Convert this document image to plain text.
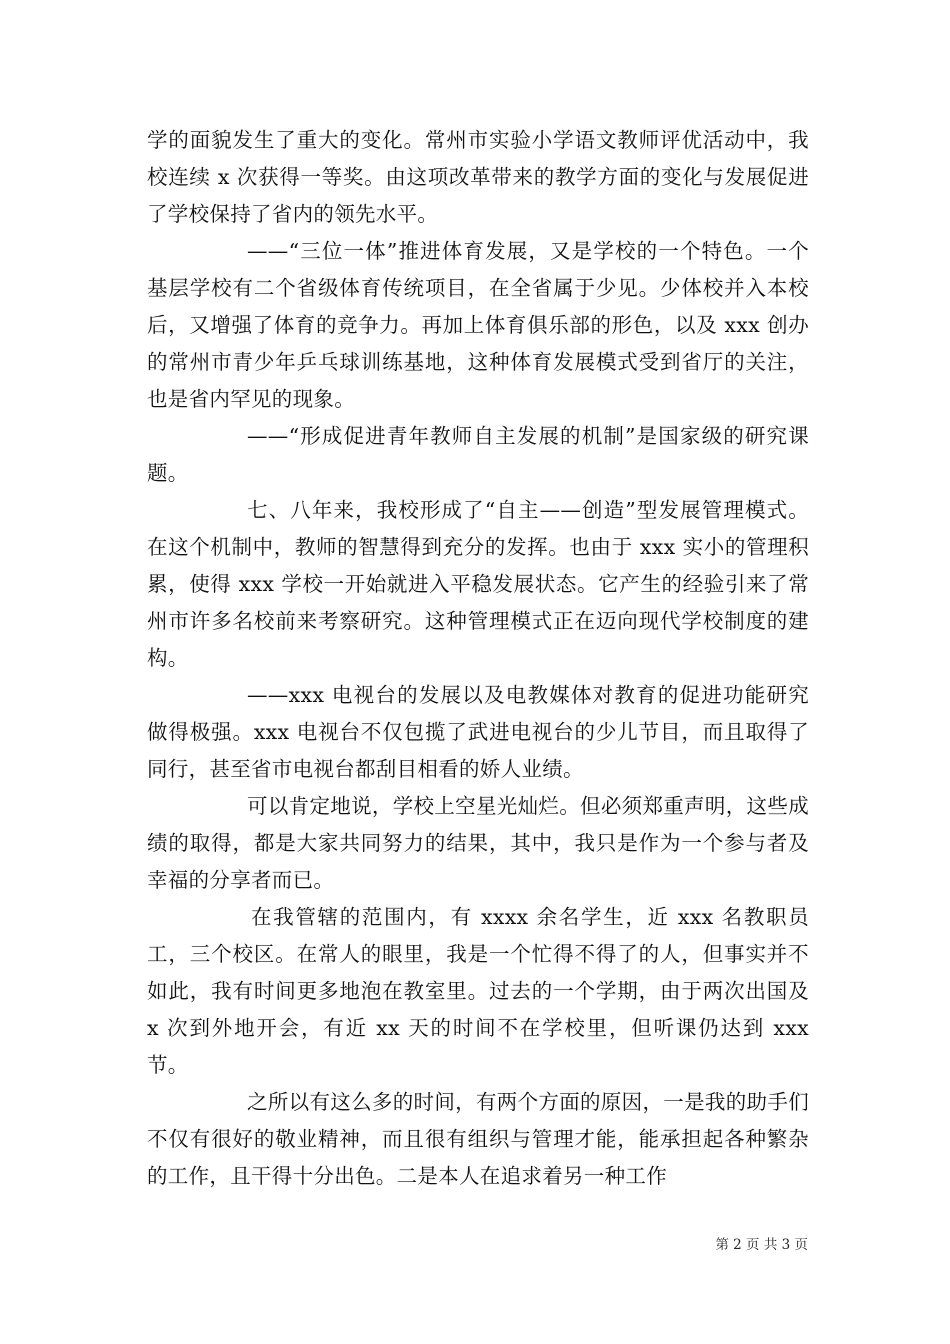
学的面貌发生了重大的变化。常州市实验小学语文教师评优活动中，我校连续 x 次获得一等奖。由这项改革带来的教学方面的变化与发展促进了学校保持了省内的领先水平。

——“三位一体”推进体育发展，又是学校的一个特色。一个基层学校有二个省级体育传统项目，在全省属于少见。少体校并入本校后，又增强了体育的竞争力。再加上体育俱乐部的形色，以及 xxx 创办的常州市青少年乒乓球训练基地，这种体育发展模式受到省厅的关注，也是省内罕见的现象。

——“形成促进青年教师自主发展的机制”是国家级的研究课题。

七、八年来，我校形成了“自主——创造”型发展管理模式。在这个机制中，教师的智慧得到充分的发挥。也由于 xxx 实小的管理积累，使得 xxx 学校一开始就进入平稳发展状态。它产生的经验引来了常州市许多名校前来考察研究。这种管理模式正在迈向现代学校制度的建构。

——xxx 电视台的发展以及电教媒体对教育的促进功能研究做得极强。xxx 电视台不仅包揽了武进电视台的少儿节目，而且取得了同行，甚至省市电视台都刮目相看的娇人业绩。

可以肯定地说，学校上空星光灿烂。但必须郑重声明，这些成绩的取得，都是大家共同努力的结果，其中，我只是作为一个参与者及幸福的分享者而已。

在我管辖的范围内，有 xxxx 余名学生，近 xxx 名教职员工，三个校区。在常人的眼里，我是一个忙得不得了的人，但事实并不如此，我有时间更多地泡在教室里。过去的一个学期，由于两次出国及 x 次到外地开会，有近 xx 天的时间不在学校里，但听课仍达到 xxx 节。

之所以有这么多的时间，有两个方面的原因，一是我的助手们不仅有很好的敬业精神，而且很有组织与管理才能，能承担起各种繁杂的工作，且干得十分出色。二是本人在追求着另一种工作

第 2 页 共 3 页
